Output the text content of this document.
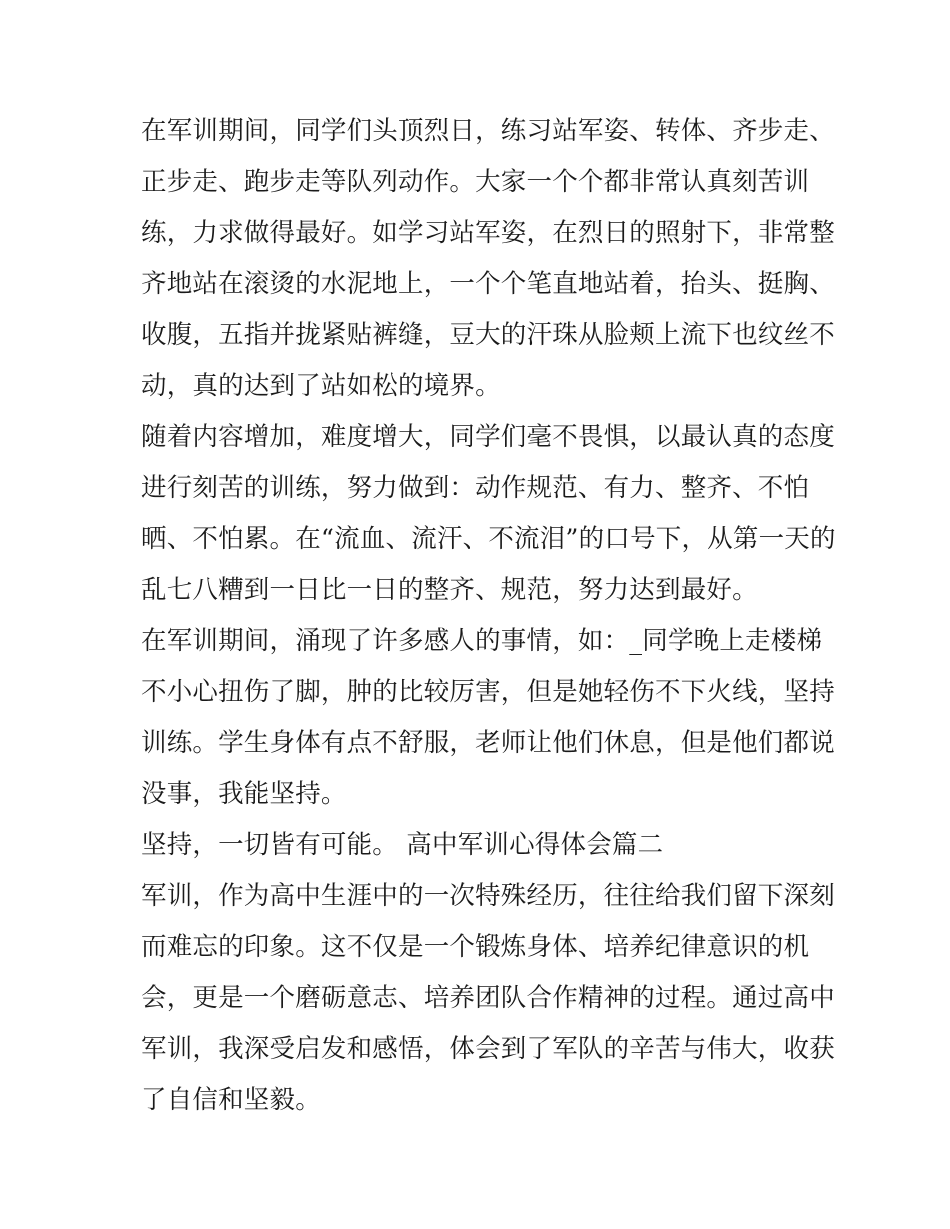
在军训期间，同学们头顶烈日，练习站军姿、转体、齐步走、
正步走、跑步走等队列动作。大家一个个都非常认真刻苦训
练，力求做得最好。如学习站军姿，在烈日的照射下，非常整
齐地站在滚烫的水泥地上，一个个笔直地站着，抬头、挺胸、
收腹，五指并拢紧贴裤缝，豆大的汗珠从脸颊上流下也纹丝不
动，真的达到了站如松的境界。
随着内容增加，难度增大，同学们毫不畏惧，以最认真的态度
进行刻苦的训练，努力做到：动作规范、有力、整齐、不怕
晒、不怕累。在“流血、流汗、不流泪”的口号下，从第一天的
乱七八糟到一日比一日的整齐、规范，努力达到最好。
在军训期间，涌现了许多感人的事情，如：_同学晚上走楼梯
不小心扭伤了脚，肿的比较厉害，但是她轻伤不下火线，坚持
训练。学生身体有点不舒服，老师让他们休息，但是他们都说
没事，我能坚持。
坚持，一切皆有可能。 高中军训心得体会篇二
军训，作为高中生涯中的一次特殊经历，往往给我们留下深刻
而难忘的印象。这不仅是一个锻炼身体、培养纪律意识的机
会，更是一个磨砺意志、培养团队合作精神的过程。通过高中
军训，我深受启发和感悟，体会到了军队的辛苦与伟大，收获
了自信和坚毅。
